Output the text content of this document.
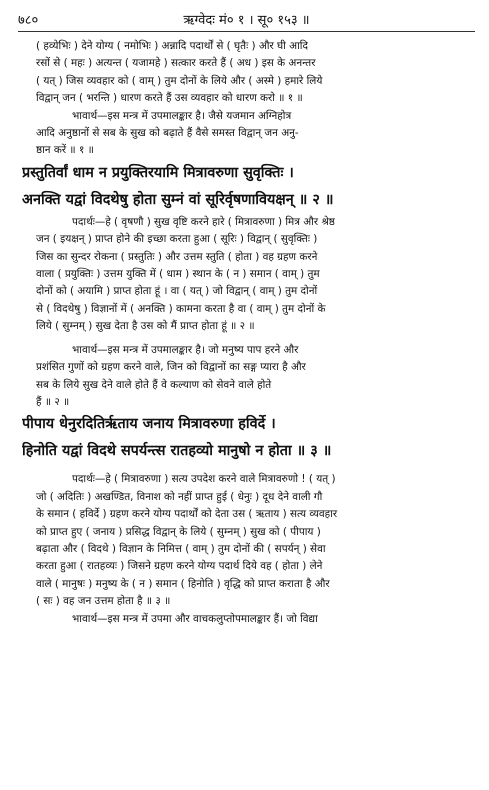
७८०	ऋग्वेदः मं० १ । सू० १५३ ॥

( हव्येभिः ) देने योग्य ( नमोभिः ) अन्नादि पदार्थों से ( घृतैः ) और घी आदि

रसों से ( महः ) अत्यन्त ( यजामहे ) सत्कार करते हैं ( अध ) इस के अनन्तर

( यत् ) जिस व्यवहार को ( वाम् ) तुम दोनों के लिये और ( अस्मे ) हमारे लिये

विद्वान् जन ( भरन्ति ) धारण करते हैं उस व्यवहार को धारण करो ॥ १ ॥

भावार्थ—इस मन्त्र में उपमालङ्कार है। जैसे यजमान अग्निहोत्र

आदि अनुष्ठानों से सब के सुख को बढ़ाते हैं वैसे समस्त विद्वान् जन अनु-

ष्ठान करें ॥ १ ॥

प्रस्तुतिर्वां धाम न प्रयुक्तिरयामि मित्रावरुणा सुवृक्तिः ।

अनक्ति यद्वां विदथेषु होता सुम्नं वां सूरिर्वृषणावियक्षन् ॥ २ ॥

पदार्थः—हे ( वृषणौ ) सुख वृष्टि करने हारे ( मित्रावरुणा ) मित्र और श्रेष्ठ

जन ( इयक्षन् ) प्राप्त होने की इच्छा करता हुआ ( सूरिः ) विद्वान् ( सुवृक्तिः )

जिस का सुन्दर रोकना ( प्रस्तुतिः ) और उत्तम स्तुति ( होता ) वह ग्रहण करने

वाला ( प्रयुक्तिः ) उत्तम युक्ति में ( धाम ) स्थान के ( न ) समान ( वाम् ) तुम

दोनों को ( अयामि ) प्राप्त होता हूं । वा ( यत् ) जो विद्वान् ( वाम् ) तुम दोनों

से ( विदथेषु ) विज्ञानों में ( अनक्ति ) कामना करता है वा ( वाम् ) तुम दोनों के

लिये ( सुम्नम् ) सुख देता है उस को मैं प्राप्त होता हूं ॥ २ ॥

भावार्थ—इस मन्त्र में उपमालङ्कार है। जो मनुष्य पाप हरने और

प्रशंसित गुणों को ग्रहण करने वाले, जिन को विद्वानों का सङ्ग प्यारा है और

सब के लिये सुख देने वाले होते हैं वे कल्याण को सेवने वाले होते

हैं ॥ २ ॥

पीपाय धेनुरदितिर्ऋताय जनाय मित्रावरुणा हविर्दे ।

हिनोति यद्वां विदथे सपर्यन्त्स रातहव्यो मानुषो न होता ॥ ३ ॥

पदार्थः—हे ( मित्रावरुणा ) सत्य उपदेश करने वाले मित्रावरुणो ! ( यत् )

जो ( अदितिः ) अखण्डित, विनाश को नहीं प्राप्त हुई ( धेनुः ) दूध देने वाली गौ

के समान ( हविर्दे ) ग्रहण करने योग्य पदार्थों को देता उस ( ऋताय ) सत्य व्यवहार

को प्राप्त हुए ( जनाय ) प्रसिद्ध विद्वान् के लिये ( सुम्नम् ) सुख को ( पीपाय )

बढ़ाता और ( विदथे ) विज्ञान के निमित्त ( वाम् ) तुम दोनों की ( सपर्यन् ) सेवा

करता हुआ ( रातहव्यः ) जिसने ग्रहण करने योग्य पदार्थ दिये वह ( होता ) लेने

वाले ( मानुषः ) मनुष्य के ( न ) समान ( हिनोति ) वृद्धि को प्राप्त कराता है और

( सः ) वह जन उत्तम होता है ॥ ३ ॥

भावार्थ—इस मन्त्र में उपमा और वाचकलुप्तोपमालङ्कार हैं। जो विद्या
